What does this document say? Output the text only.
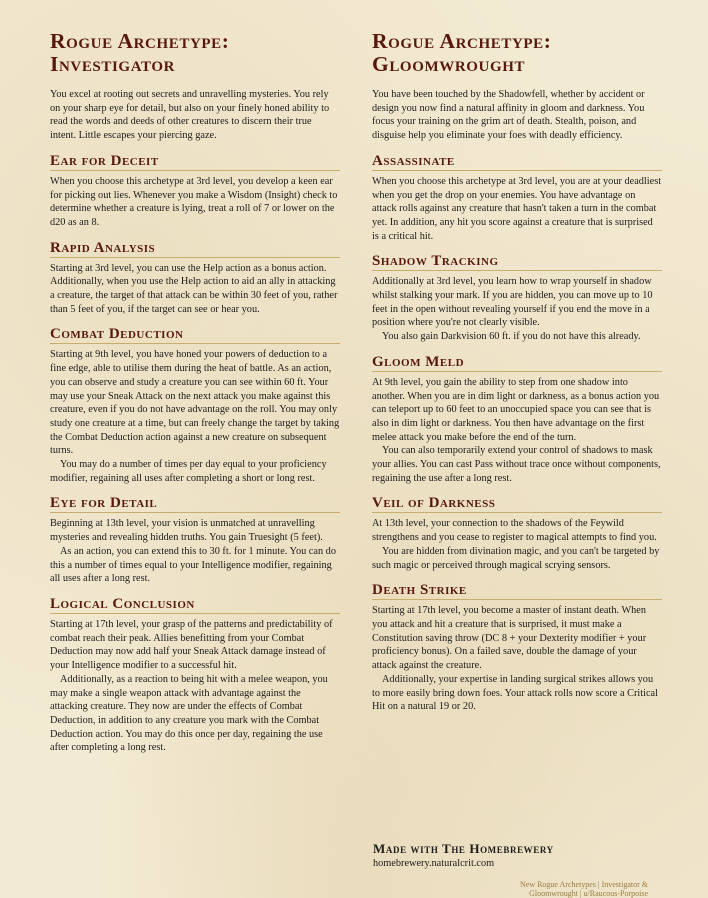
Rogue Archetype: Investigator

You excel at rooting out secrets and unravelling mysteries. You rely on your sharp eye for detail, but also on your finely honed ability to read the words and deeds of other creatures to discern their true intent. Little escapes your piercing gaze.

Ear for Deceit

When you choose this archetype at 3rd level, you develop a keen ear for picking out lies. Whenever you make a Wisdom (Insight) check to determine whether a creature is lying, treat a roll of 7 or lower on the d20 as an 8.

Rapid Analysis

Starting at 3rd level, you can use the Help action as a bonus action. Additionally, when you use the Help action to aid an ally in attacking a creature, the target of that attack can be within 30 feet of you, rather than 5 feet of you, if the target can see or hear you.

Combat Deduction

Starting at 9th level, you have honed your powers of deduction to a fine edge, able to utilise them during the heat of battle. As an action, you can observe and study a creature you can see within 60 ft. Your may use your Sneak Attack on the next attack you make against this creature, even if you do not have advantage on the roll. You may only study one creature at a time, but can freely change the target by taking the Combat Deduction action against a new creature on subsequent turns.

You may do a number of times per day equal to your proficiency modifier, regaining all uses after completing a short or long rest.

Eye for Detail

Beginning at 13th level, your vision is unmatched at unravelling mysteries and revealing hidden truths. You gain Truesight (5 feet).

As an action, you can extend this to 30 ft. for 1 minute. You can do this a number of times equal to your Intelligence modifier, regaining all uses after a long rest.

Logical Conclusion

Starting at 17th level, your grasp of the patterns and predictability of combat reach their peak. Allies benefitting from your Combat Deduction may now add half your Sneak Attack damage instead of your Intelligence modifier to a successful hit.

Additionally, as a reaction to being hit with a melee weapon, you may make a single weapon attack with advantage against the attacking creature. They now are under the effects of Combat Deduction, in addition to any creature you mark with the Combat Deduction action. You may do this once per day, regaining the use after completing a long rest.

Rogue Archetype: Gloomwrought

You have been touched by the Shadowfell, whether by accident or design you now find a natural affinity in gloom and darkness. You focus your training on the grim art of death. Stealth, poison, and disguise help you eliminate your foes with deadly efficiency.

Assassinate

When you choose this archetype at 3rd level, you are at your deadliest when you get the drop on your enemies. You have advantage on attack rolls against any creature that hasn't taken a turn in the combat yet. In addition, any hit you score against a creature that is surprised is a critical hit.

Shadow Tracking

Additionally at 3rd level, you learn how to wrap yourself in shadow whilst stalking your mark. If you are hidden, you can move up to 10 feet in the open without revealing yourself if you end the move in a position where you're not clearly visible.

You also gain Darkvision 60 ft. if you do not have this already.

Gloom Meld

At 9th level, you gain the ability to step from one shadow into another. When you are in dim light or darkness, as a bonus action you can teleport up to 60 feet to an unoccupied space you can see that is also in dim light or darkness. You then have advantage on the first melee attack you make before the end of the turn.

You can also temporarily extend your control of shadows to mask your allies. You can cast Pass without trace once without components, regaining the use after a long rest.

Veil of Darkness

At 13th level, your connection to the shadows of the Feywild strengthens and you cease to register to magical attempts to find you.

You are hidden from divination magic, and you can't be targeted by such magic or perceived through magical scrying sensors.

Death Strike

Starting at 17th level, you become a master of instant death. When you attack and hit a creature that is surprised, it must make a Constitution saving throw (DC 8 + your Dexterity modifier + your proficiency bonus). On a failed save, double the damage of your attack against the creature.

Additionally, your expertise in landing surgical strikes allows you to more easily bring down foes. Your attack rolls now score a Critical Hit on a natural 19 or 20.

Made with The Homebrewery
homebrewery.naturalcrit.com
New Rogue Archetypes | Investigator & Gloomwrought | u/Raucous-Porpoise
